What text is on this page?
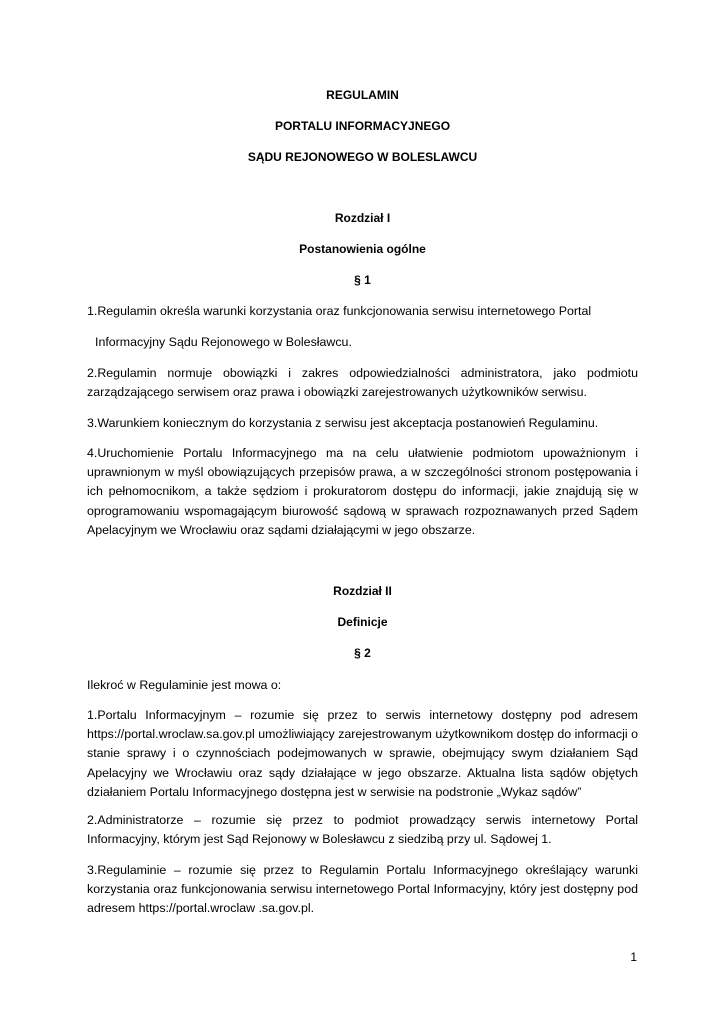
REGULAMIN

PORTALU INFORMACYJNEGO

SĄDU REJONOWEGO W BOLESLAWCU

Rozdział I

Postanowienia ogólne

§ 1

1.Regulamin określa warunki korzystania oraz funkcjonowania serwisu internetowego Portal

Informacyjny Sądu Rejonowego w Bolesławcu.

2.Regulamin normuje obowiązki i zakres odpowiedzialności administratora, jako podmiotu zarządzającego serwisem oraz prawa i obowiązki zarejestrowanych użytkowników serwisu.

3.Warunkiem koniecznym do korzystania z serwisu jest akceptacja postanowień Regulaminu.

4.Uruchomienie Portalu Informacyjnego ma na celu ułatwienie podmiotom upoważnionym i uprawnionym w myśl obowiązujących przepisów prawa, a w szczególności stronom postępowania i ich pełnomocnikom, a także sędziom i prokuratorom dostępu do informacji, jakie znajdują się w oprogramowaniu wspomagającym biurowość sądową w sprawach rozpoznawanych przed Sądem Apelacyjnym we Wrocławiu oraz sądami działającymi w jego obszarze.

Rozdział II

Definicje

§ 2

Ilekroć w Regulaminie jest mowa o:

1.Portalu Informacyjnym – rozumie się przez to serwis internetowy dostępny pod adresem https://portal.wroclaw.sa.gov.pl umożliwiający zarejestrowanym użytkownikom dostęp do informacji o stanie sprawy i o czynnościach podejmowanych w sprawie, obejmujący swym działaniem Sąd Apelacyjny we Wrocławiu oraz sądy działające w jego obszarze. Aktualna lista sądów objętych działaniem Portalu Informacyjnego dostępna jest w serwisie na podstronie „Wykaz sądów”

2.Administratorze – rozumie się przez to podmiot prowadzący serwis internetowy Portal Informacyjny, którym jest Sąd Rejonowy w Bolesławcu z siedzibą przy ul. Sądowej 1.

3.Regulaminie – rozumie się przez to Regulamin Portalu Informacyjnego określający warunki korzystania oraz funkcjonowania serwisu internetowego Portal Informacyjny, który jest dostępny pod adresem https://portal.wroclaw .sa.gov.pl.

1
